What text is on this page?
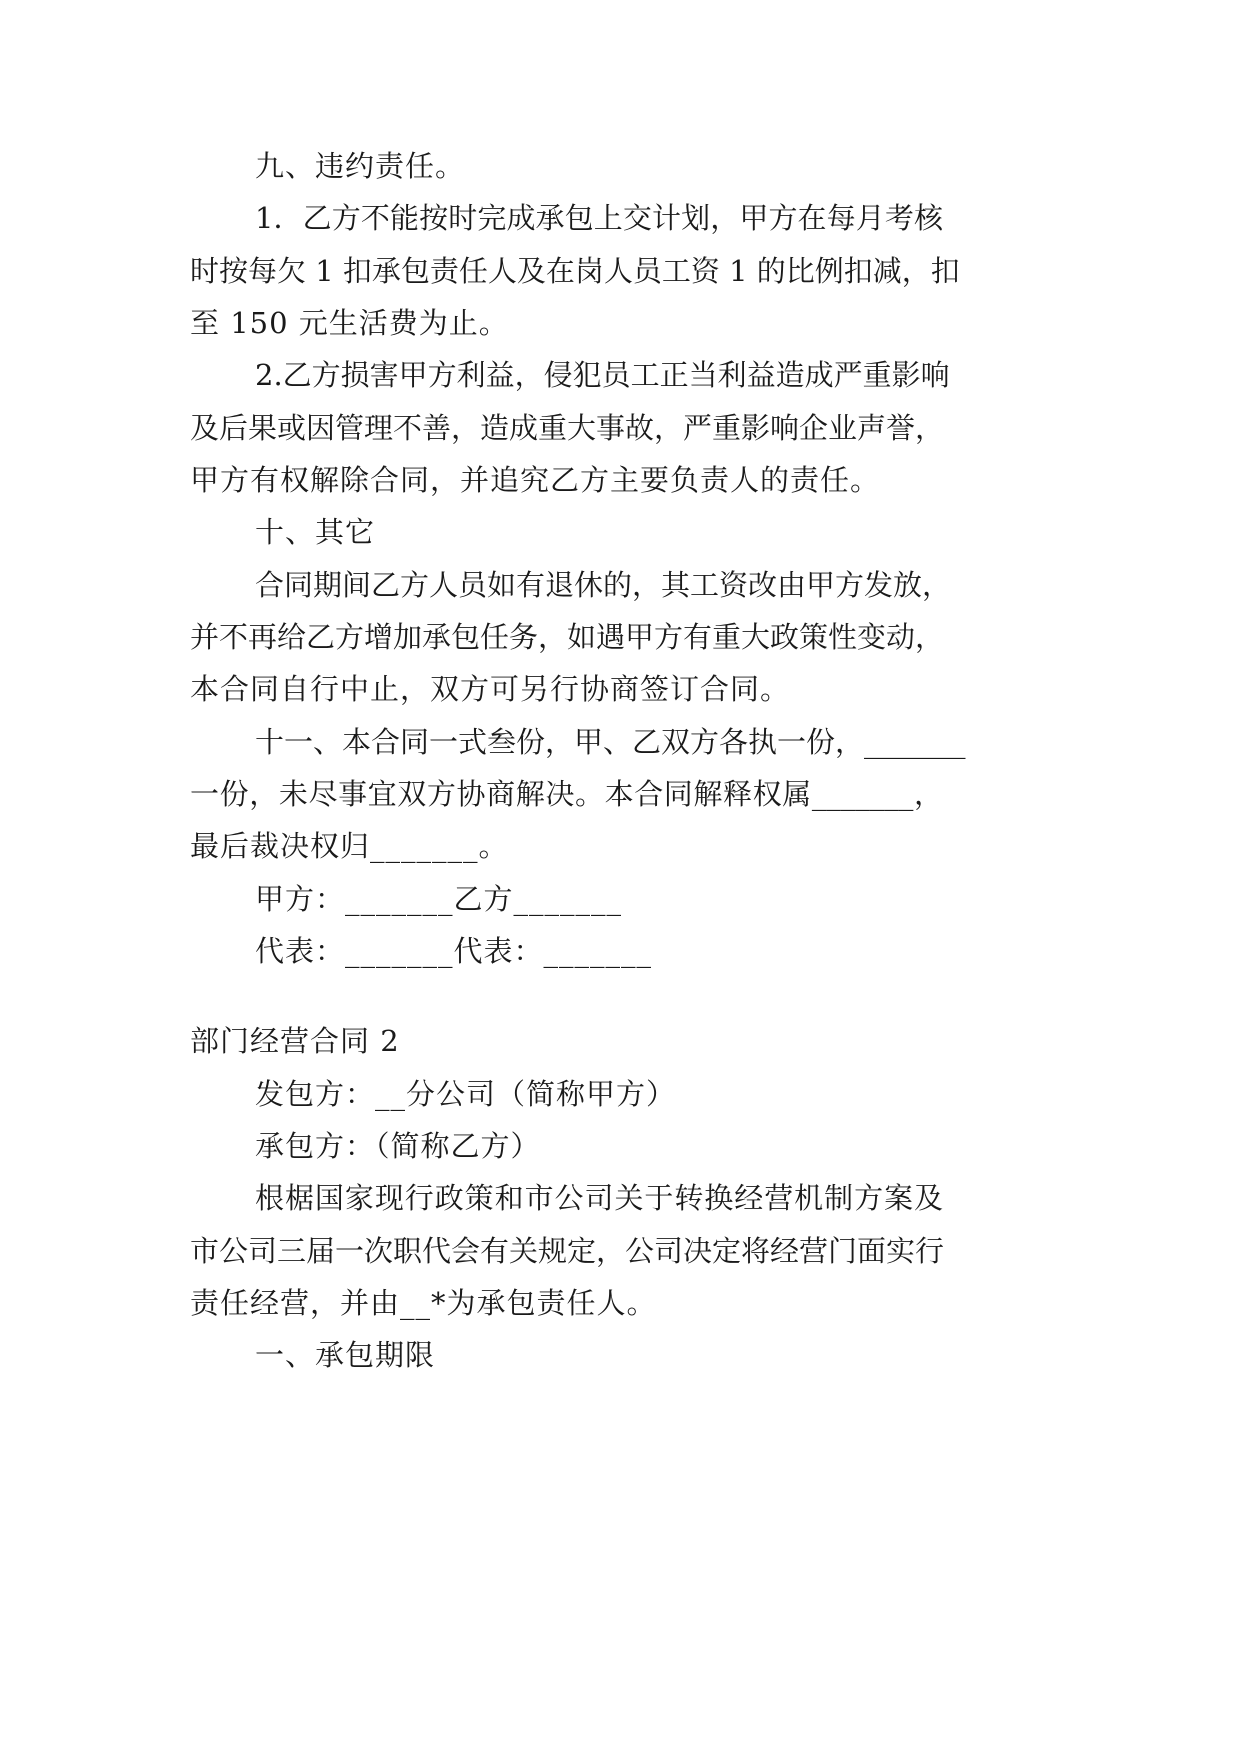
九、违约责任。
1．乙方不能按时完成承包上交计划，甲方在每月考核
时按每欠 1 扣承包责任人及在岗人员工资 1 的比例扣减，扣
至 150 元生活费为止。
2.乙方损害甲方利益，侵犯员工正当利益造成严重影响
及后果或因管理不善，造成重大事故，严重影响企业声誉，
甲方有权解除合同，并追究乙方主要负责人的责任。
十、其它
合同期间乙方人员如有退休的，其工资改由甲方发放，
并不再给乙方增加承包任务，如遇甲方有重大政策性变动，
本合同自行中止，双方可另行协商签订合同。
十一、本合同一式叁份，甲、乙双方各执一份，_______
一份，未尽事宜双方协商解决。本合同解释权属_______，
最后裁决权归_______。
甲方：_______乙方_______
代表：_______代表：_______
部门经营合同 2
发包方：__分公司（简称甲方）
承包方：（简称乙方）
根椐国家现行政策和市公司关于转换经营机制方案及
市公司三届一次职代会有关规定，公司决定将经营门面实行
责任经营，并由__*为承包责任人。
一、承包期限
